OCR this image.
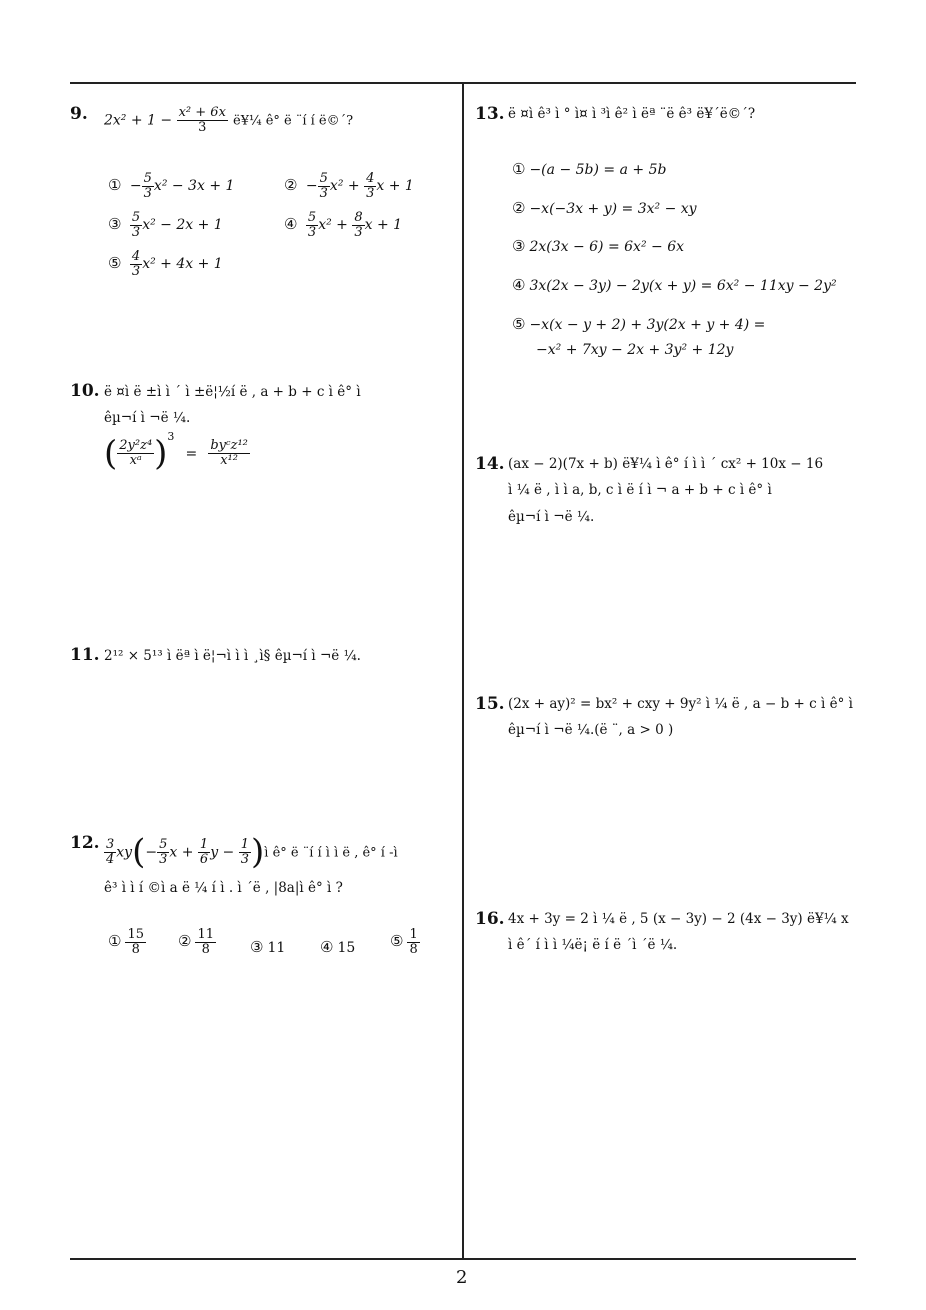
9. $2x^2 + 1 - \frac{\text{x² + 6x}}{3}$ ë¥¼ ê° ë ¨í í ë©´?
① − $\frac{5}{3} x^2 - 3x + 1$	② − $\frac{5}{3} x^2 + \frac{4}{3}$ x + 1
③ $\frac{5}{3} x^2 - 2x + 1$	④ $\frac{5}{3} x^2 + \frac{8}{3}$ x + 1
⑤ $\frac{4}{3} x^2 + 4x + 1$
10. ë ¤ì ë ±ì ì ´ ì ±ë¦½í ë , a + b + c ì ê° ì
êµ¬í ì ¬ë ¼.
( $\frac{\text{2y²z⁴}}{\text{xᵃ}} )^3 = \frac{\text{byᶜz¹²}}{\text{x¹²}}$
11. 2¹² × 5¹³ ì ëª ì ë¦¬ì ì ì ¸ì§ êµ¬í ì ¬ë ¼.
12. $\frac{3}{4} xy(- \frac{5}{3}$ $x + \frac{1}{6}$ $y - \frac{1}{3}$ )ì ê° ë ¨í í ì ì ë , ê° í -ì
ê³ ì ì í ©ì a ë ¼ í ì . ì ´ë , |8a|ì ê° ì ?
① $\frac{15}{8}$ ② $\frac{11}{8}$ ③ 11 ④ 15 ⑤ $\frac{1}{8}$
13. ë ¤ì ê³ ì ° ì¤ ì ³ì ê² ì ëª ¨ë ê³ ë¥´ë©´?
① −(a − 5b) = a + 5b
② −x(−3x + y) = 3x² − xy
③ 2x(3x − 6) = 6x² − 6x
④ 3x(2x − 3y) − 2y(x + y) = 6x² − 11xy − 2y²
⑤ −x(x − y + 2) + 3y(2x + y + 4) =
−x² + 7xy − 2x + 3y² + 12y
14. (ax − 2)(7x + b) ë¥¼ ì ê° í ì ì ´ cx² + 10x − 16
ì ¼ ë , ì ì a, b, c ì ë í ì ¬ a + b + c ì ê° ì
êµ¬í ì ¬ë ¼.
15. (2x + ay)² = bx² + cxy + 9y² ì ¼ ë , a − b + c ì ê° ì
êµ¬í ì ¬ë ¼.(ë ¨, a > 0 )
16. 4x + 3y = 2 ì ¼ ë , 5 (x − 3y) − 2 (4x − 3y) ë¥¼ x
ì ê´ í ì ì ¼ë¡ ë í ë ´ì ´ë ¼.
2
